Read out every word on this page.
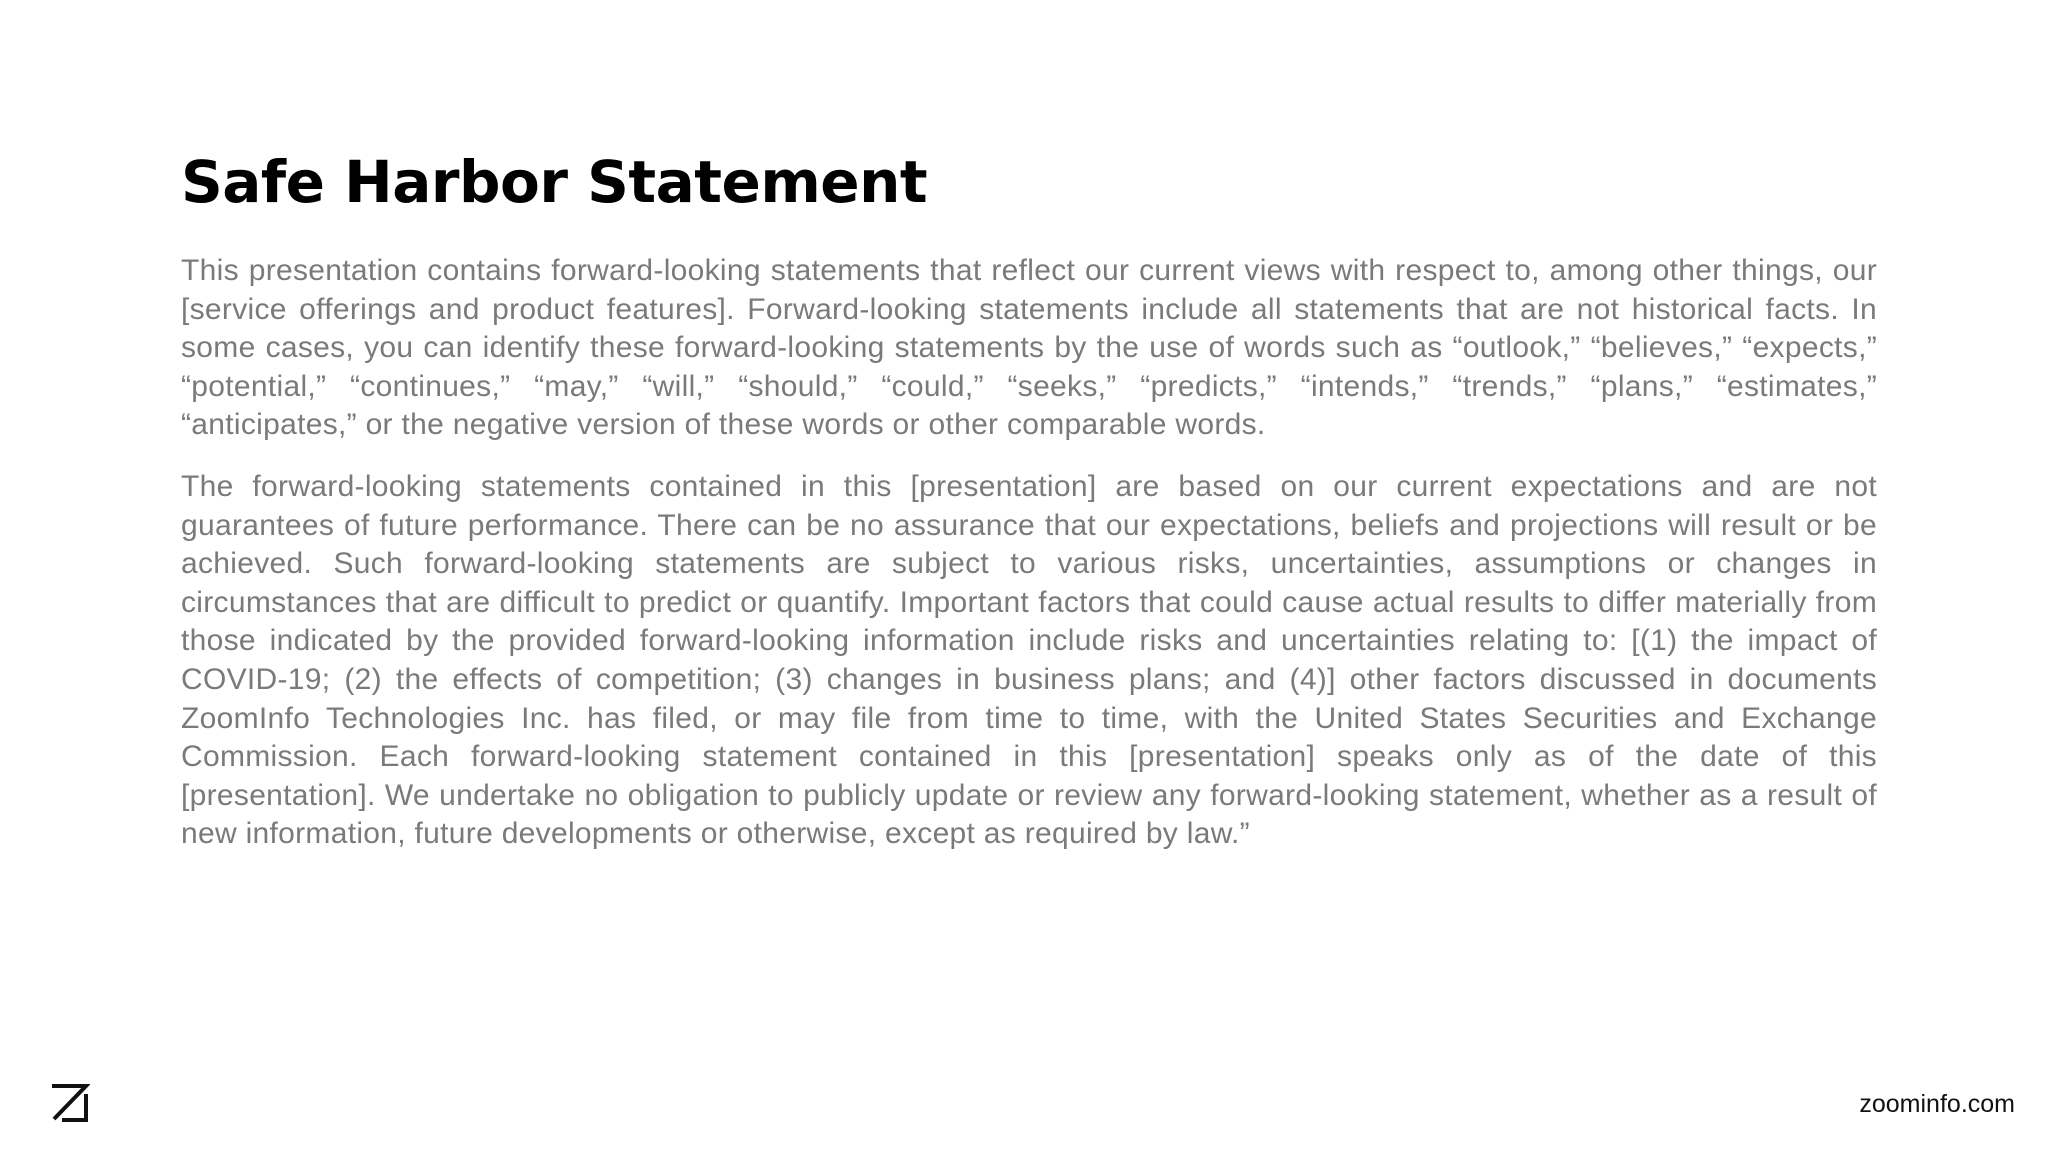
Safe Harbor Statement

This presentation contains forward-looking statements that reflect our current views with respect to, among other things, our [service offerings and product features]. Forward-looking statements include all statements that are not historical facts. In some cases, you can identify these forward-looking statements by the use of words such as “outlook,” “believes,” “expects,” “potential,” “continues,” “may,” “will,” “should,” “could,” “seeks,” “predicts,” “intends,” “trends,” “plans,” “estimates,” “anticipates,” or the negative version of these words or other comparable words.

The forward-looking statements contained in this [presentation] are based on our current expectations and are not guarantees of future performance. There can be no assurance that our expectations, beliefs and projections will result or be achieved. Such forward-looking statements are subject to various risks, uncertainties, assumptions or changes in circumstances that are difficult to predict or quantify. Important factors that could cause actual results to differ materially from those indicated by the provided forward-looking information include risks and uncertainties relating to: [(1) the impact of COVID-19; (2) the effects of competition; (3) changes in business plans; and (4)] other factors discussed in documents ZoomInfo Technologies Inc. has filed, or may file from time to time, with the United States Securities and Exchange Commission. Each forward-looking statement contained in this [presentation] speaks only as of the date of this [presentation]. We undertake no obligation to publicly update or review any forward-looking statement, whether as a result of new information, future developments or otherwise, except as required by law.”

zoominfo.com
